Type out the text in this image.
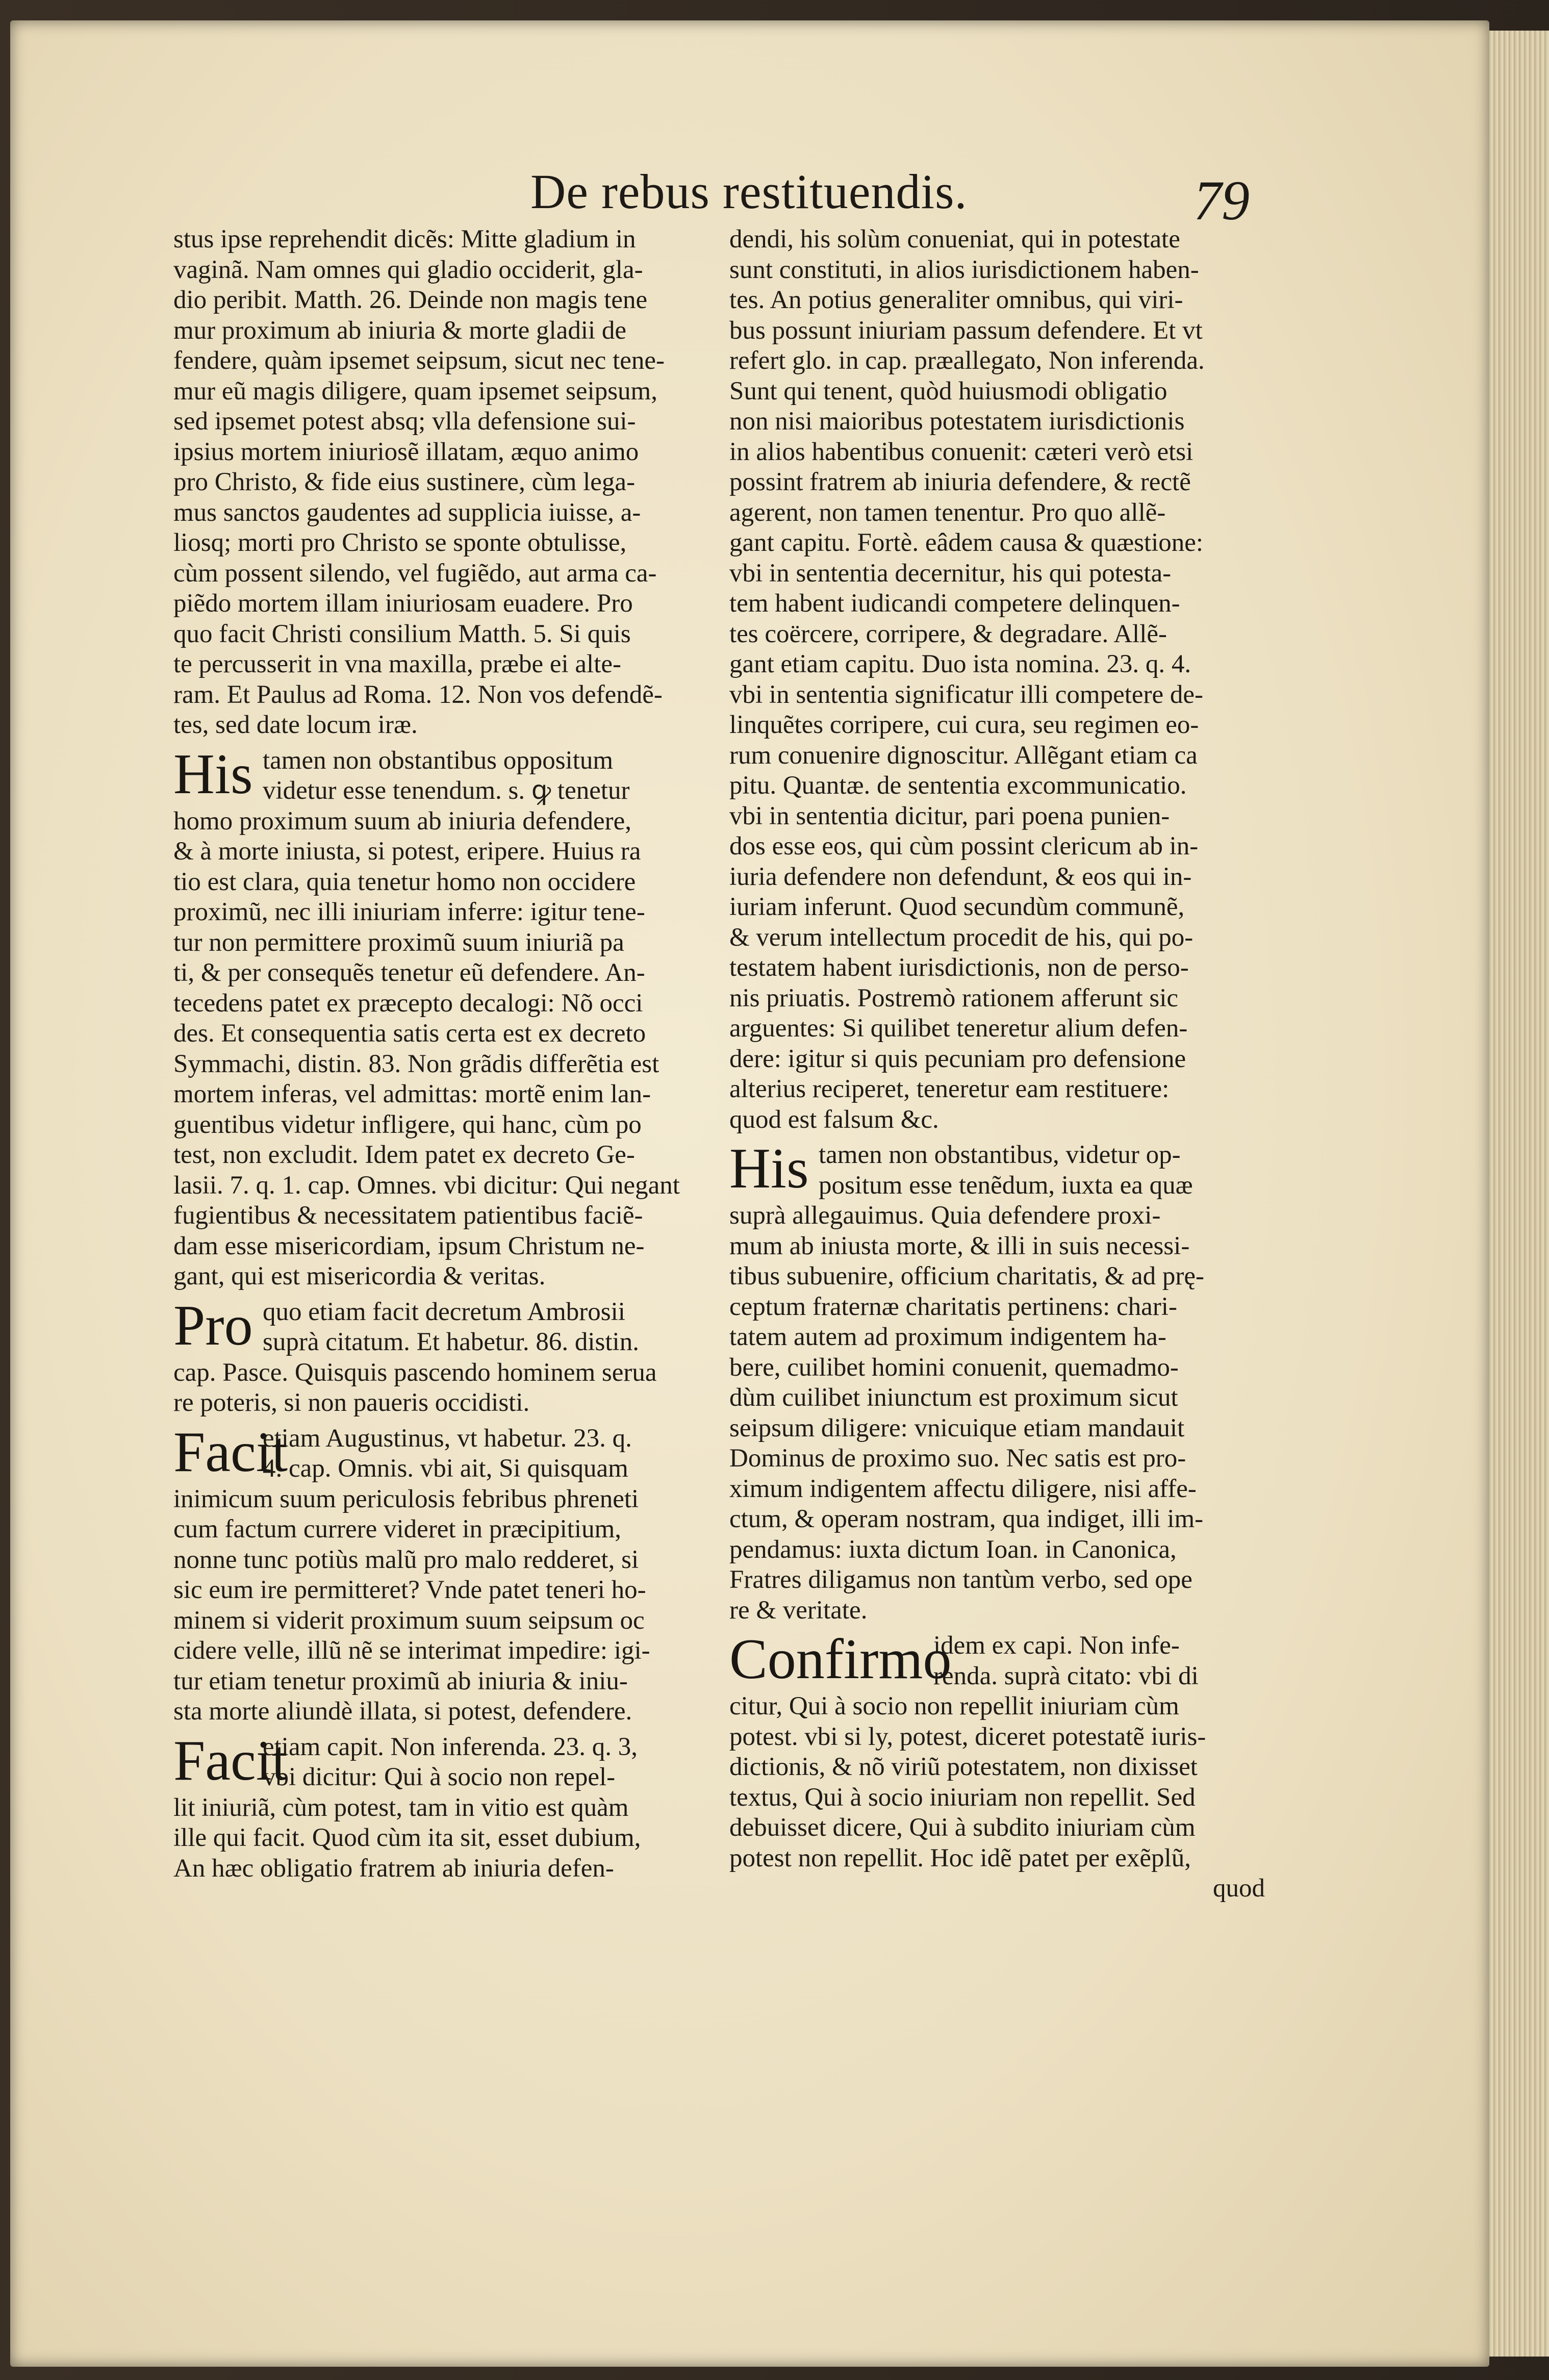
De rebus restituendis.	79
stus ipse reprehendit dicẽs: Mitte gladium in
vaginã. Nam omnes qui gladio occiderit, gla-
dio peribit. Matth. 26. Deinde non magis tene
mur proximum ab iniuria & morte gladii de
fendere, quàm ipsemet seipsum, sicut nec tene-
mur eũ magis diligere, quam ipsemet seipsum,
sed ipsemet potest absq; vlla defensione sui-
ipsius mortem iniuriosẽ illatam, æquo animo
pro Christo, & fide eius sustinere, cùm lega-
mus sanctos gaudentes ad supplicia iuisse, a-
liosq; morti pro Christo se sponte obtulisse,
cùm possent silendo, vel fugiẽdo, aut arma ca-
piẽdo mortem illam iniuriosam euadere. Pro
quo facit Christi consilium Matth. 5. Si quis
te percusserit in vna maxilla, præbe ei alte-
ram. Et Paulus ad Roma. 12. Non vos defendẽ-
tes, sed date locum iræ.
His tamen non obstantibus oppositum
videtur esse tenendum. s. ꝙ tenetur
homo proximum suum ab iniuria defendere,
& à morte iniusta, si potest, eripere. Huius ra
tio est clara, quia tenetur homo non occidere
proximũ, nec illi iniuriam inferre: igitur tene-
tur non permittere proximũ suum iniuriã pa
ti, & per consequẽs tenetur eũ defendere. An-
tecedens patet ex præcepto decalogi: Nõ occi
des. Et consequentia satis certa est ex decreto
Symmachi, distin. 83. Non grãdis differẽtia est
mortem inferas, vel admittas: mortẽ enim lan-
guentibus videtur infligere, qui hanc, cùm po
test, non excludit. Idem patet ex decreto Ge-
lasii. 7. q. 1. cap. Omnes. vbi dicitur: Qui negant
fugientibus & necessitatem patientibus faciẽ-
dam esse misericordiam, ipsum Christum ne-
gant, qui est misericordia & veritas.
Pro quo etiam facit decretum Ambrosii
suprà citatum. Et habetur. 86. distin.
cap. Pasce. Quisquis pascendo hominem serua
re poteris, si non paueris occidisti.
Facit
etiam Augustinus, vt habetur. 23. q.
4. cap. Omnis. vbi ait, Si quisquam
inimicum suum periculosis febribus phreneti
cum factum currere videret in præcipitium,
nonne tunc potiùs malũ pro malo redderet, si
sic eum ire permitteret? Vnde patet teneri ho-
minem si viderit proximum suum seipsum oc
cidere velle, illũ nẽ se interimat impedire: igi-
tur etiam tenetur proximũ ab iniuria & iniu-
sta morte aliundè illata, si potest, defendere.
Facit
etiam capit. Non inferenda. 23. q. 3,
vbi dicitur: Qui à socio non repel-
lit iniuriã, cùm potest, tam in vitio est quàm
ille qui facit. Quod cùm ita sit, esset dubium,
An hæc obligatio fratrem ab iniuria defen-
dendi, his solùm conueniat, qui in potestate
sunt constituti, in alios iurisdictionem haben-
tes. An potius generaliter omnibus, qui viri-
bus possunt iniuriam passum defendere. Et vt
refert glo. in cap. præallegato, Non inferenda.
Sunt qui tenent, quòd huiusmodi obligatio
non nisi maioribus potestatem iurisdictionis
in alios habentibus conuenit: cæteri verò etsi
possint fratrem ab iniuria defendere, & rectẽ
agerent, non tamen tenentur. Pro quo allẽ-
gant capitu. Fortè. eâdem causa & quæstione:
vbi in sententia decernitur, his qui potesta-
tem habent iudicandi competere delinquen-
tes coërcere, corripere, & degradare. Allẽ-
gant etiam capitu. Duo ista nomina. 23. q. 4.
vbi in sententia significatur illi competere de-
linquẽtes corripere, cui cura, seu regimen eo-
rum conuenire dignoscitur. Allẽgant etiam ca
pitu. Quantæ. de sententia excommunicatio.
vbi in sententia dicitur, pari poena punien-
dos esse eos, qui cùm possint clericum ab in-
iuria defendere non defendunt, & eos qui in-
iuriam inferunt. Quod secundùm communẽ,
& verum intellectum procedit de his, qui po-
testatem habent iurisdictionis, non de perso-
nis priuatis. Postremò rationem afferunt sic
arguentes: Si quilibet teneretur alium defen-
dere: igitur si quis pecuniam pro defensione
alterius reciperet, teneretur eam restituere:
quod est falsum &c.
His tamen non obstantibus, videtur op-
positum esse tenẽdum, iuxta ea quæ
suprà allegauimus. Quia defendere proxi-
mum ab iniusta morte, & illi in suis necessi-
tibus subuenire, officium charitatis, & ad prę-
ceptum fraternæ charitatis pertinens: chari-
tatem autem ad proximum indigentem ha-
bere, cuilibet homini conuenit, quemadmo-
dùm cuilibet iniunctum est proximum sicut
seipsum diligere: vnicuique etiam mandauit
Dominus de proximo suo. Nec satis est pro-
ximum indigentem affectu diligere, nisi affe-
ctum, & operam nostram, qua indiget, illi im-
pendamus: iuxta dictum Ioan. in Canonica,
Fratres diligamus non tantùm verbo, sed ope
re & veritate.
Confirmo
idem ex capi. Non infe-
renda. suprà citato: vbi di
citur, Qui à socio non repellit iniuriam cùm
potest. vbi si ly, potest, diceret potestatẽ iuris-
dictionis, & nõ viriũ potestatem, non dixisset
textus, Qui à socio iniuriam non repellit. Sed
debuisset dicere, Qui à subdito iniuriam cùm
potest non repellit. Hoc idẽ patet per exẽplũ,
quod
